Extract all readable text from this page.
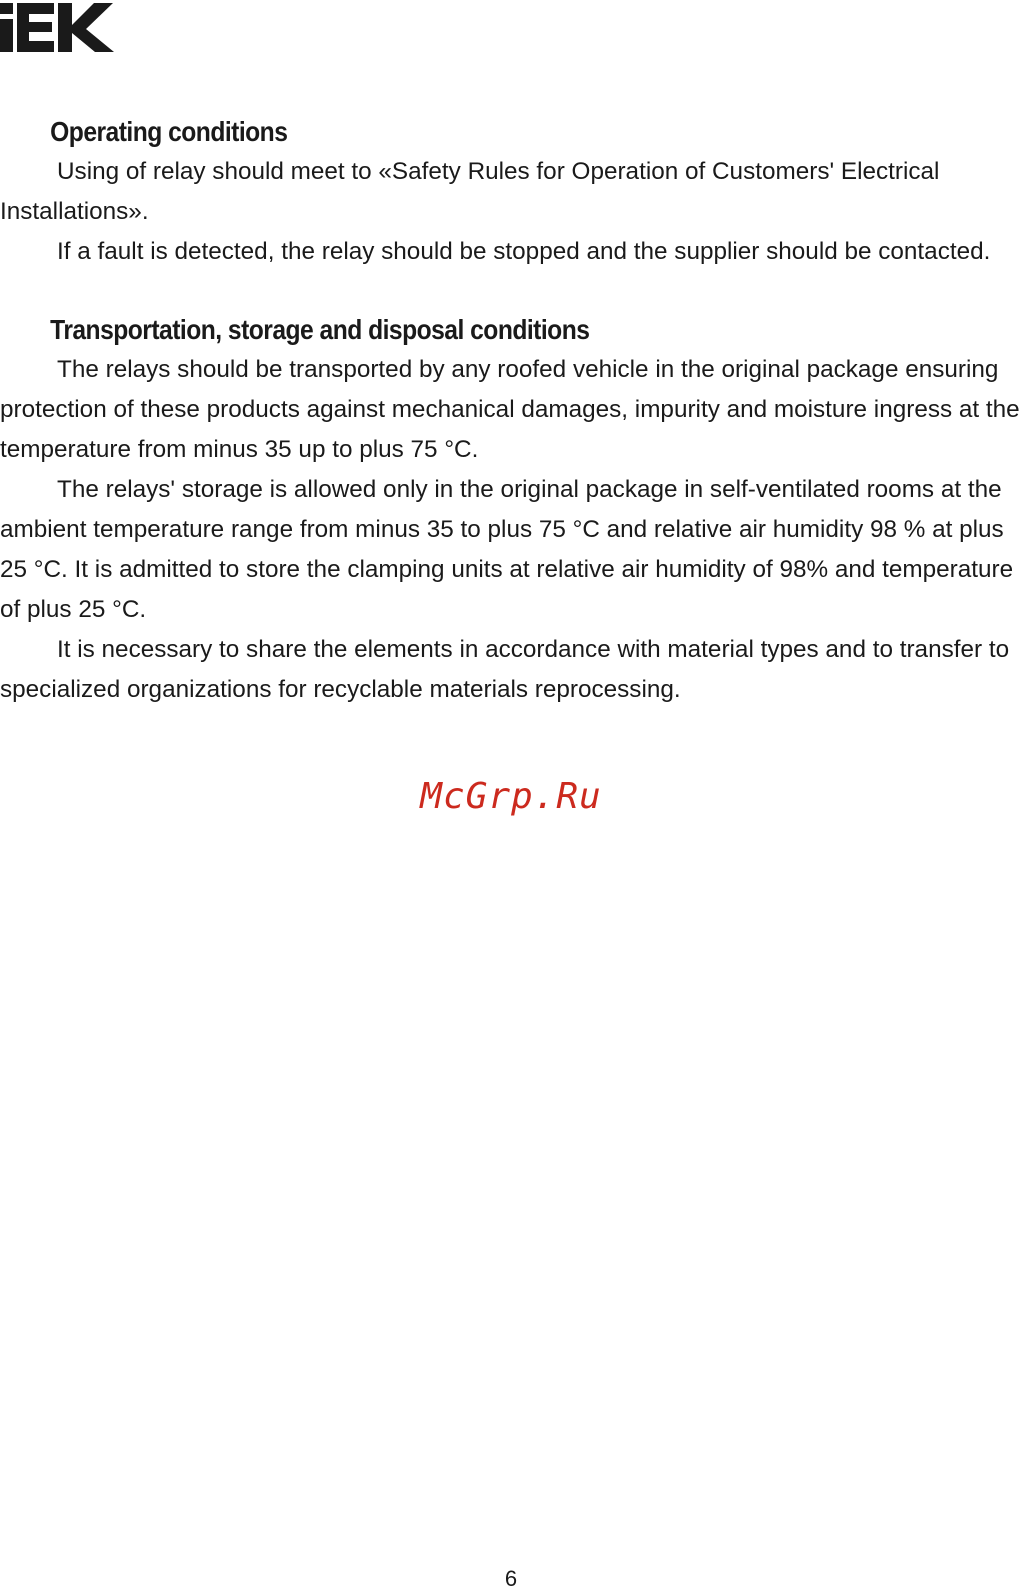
Operating conditions

Using of relay should meet to «Safety Rules for Operation of Customers' Electrical Installations».

If a fault is detected, the relay should be stopped and the supplier should be contacted.

Transportation, storage and disposal conditions

The relays should be transported by any roofed vehicle in the original package ensuring protection of these products against mechanical damages, impurity and moisture ingress at the temperature from minus 35 up to plus 75 °C.

The relays' storage is allowed only in the original package in self-ventilated rooms at the ambient temperature range from minus 35 to plus 75 °C and relative air humidity 98 % at plus 25 °C. It is admitted to store the clamping units at relative air humidity of 98% and temperature of plus 25 °C.

It is necessary to share the elements in accordance with material types and to transfer to specialized organizations for recyclable materials reprocessing.

McGrp.Ru
6
